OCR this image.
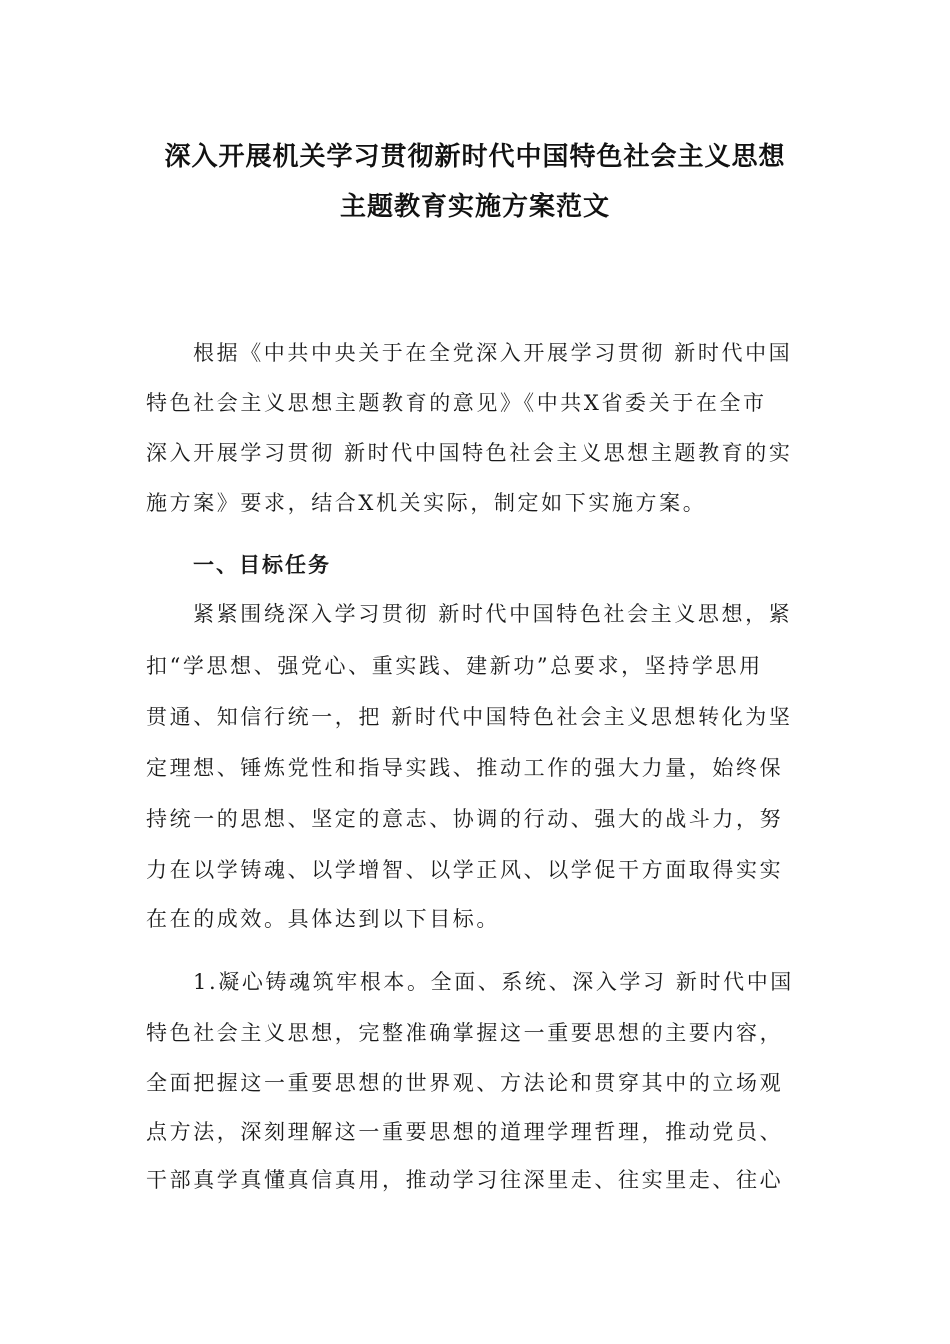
深入开展机关学习贯彻新时代中国特色社会主义思想
主题教育实施方案范文
根据《中共中央关于在全党深入开展学习贯彻 新时代中国
特色社会主义思想主题教育的意见》《中共X省委关于在全市
深入开展学习贯彻 新时代中国特色社会主义思想主题教育的实
施方案》要求，结合X机关实际，制定如下实施方案。
一、目标任务
紧紧围绕深入学习贯彻 新时代中国特色社会主义思想，紧
扣“学思想、强党心、重实践、建新功”总要求，坚持学思用
贯通、知信行统一，把 新时代中国特色社会主义思想转化为坚
定理想、锤炼党性和指导实践、推动工作的强大力量，始终保
持统一的思想、坚定的意志、协调的行动、强大的战斗力，努
力在以学铸魂、以学增智、以学正风、以学促干方面取得实实
在在的成效。具体达到以下目标。
1.凝心铸魂筑牢根本。全面、系统、深入学习 新时代中国
特色社会主义思想，完整准确掌握这一重要思想的主要内容，
全面把握这一重要思想的世界观、方法论和贯穿其中的立场观
点方法，深刻理解这一重要思想的道理学理哲理，推动党员、
干部真学真懂真信真用，推动学习往深里走、往实里走、往心
